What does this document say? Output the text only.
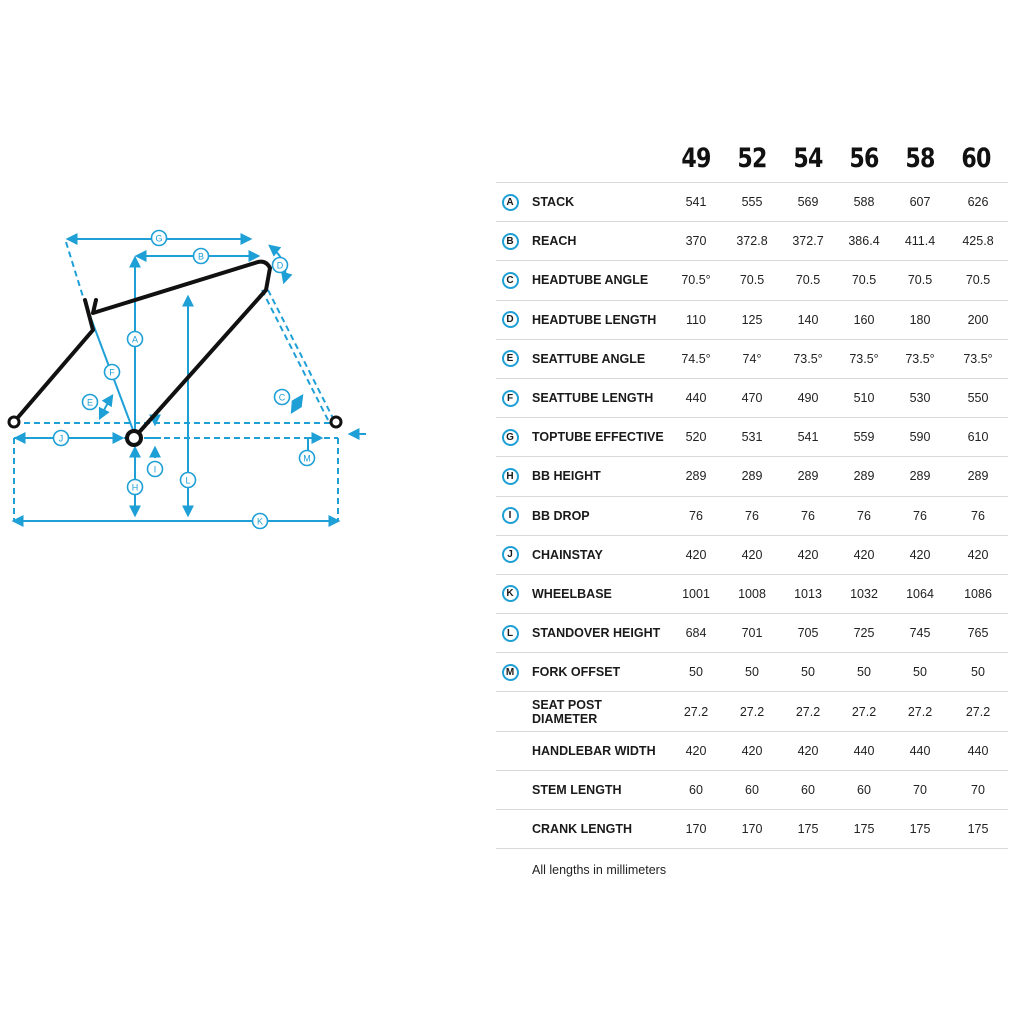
A
B
C
D
E
F
G
H
I
J
K
L
M
49 52 54 56 58 60
A	STACK	541	555	569	588	607	626
B	REACH	370	372.8	372.7	386.4	411.4	425.8
C	HEADTUBE ANGLE	70.5°	70.5	70.5	70.5	70.5	70.5
D	HEADTUBE LENGTH	110	125	140	160	180	200
E	SEATTUBE ANGLE	74.5°	74°	73.5°	73.5°	73.5°	73.5°
F	SEATTUBE LENGTH	440	470	490	510	530	550
G	TOPTUBE EFFECTIVE	520	531	541	559	590	610
H	BB HEIGHT	289	289	289	289	289	289
I	BB DROP	76	76	76	76	76	76
J	CHAINSTAY	420	420	420	420	420	420
K	WHEELBASE	1001	1008	1013	1032	1064	1086
L	STANDOVER HEIGHT	684	701	705	725	745	765
M	FORK OFFSET	50	50	50	50	50	50
SEAT POST DIAMETER	27.2	27.2	27.2	27.2	27.2	27.2
HANDLEBAR WIDTH	420	420	420	440	440	440
STEM LENGTH	60	60	60	60	70	70
CRANK LENGTH	170	170	175	175	175	175
All lengths in millimeters
